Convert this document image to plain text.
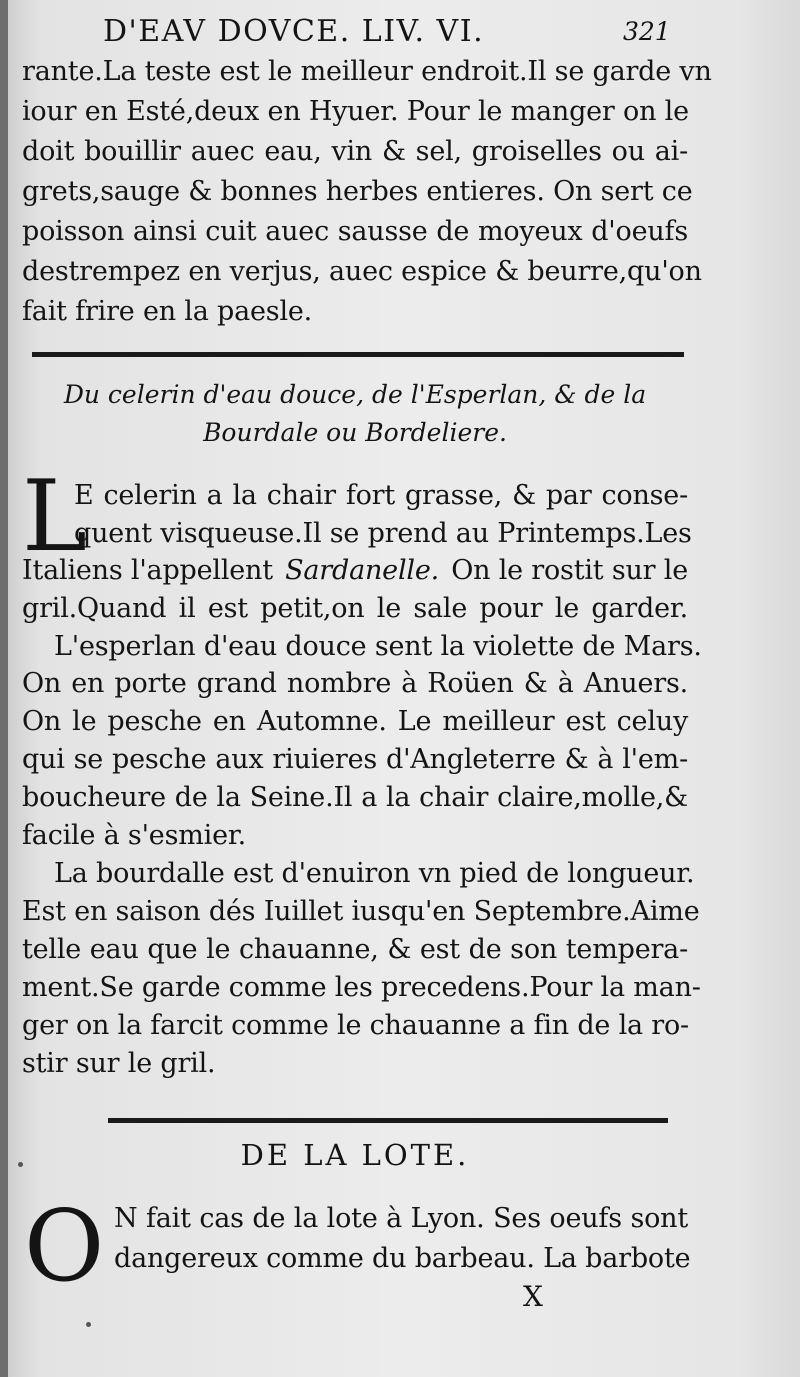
D'EAV DOVCE. LIV. VI.	321
rante.La teste est le meilleur endroit.Il se garde vn
iour en Esté,deux en Hyuer. Pour le manger on le
doit bouillir auec eau, vin & sel, groiselles ou ai-
grets,sauge & bonnes herbes entieres. On sert ce
poisson ainsi cuit auec sausse de moyeux d'oeufs
destrempez en verjus, auec espice & beurre,qu'on
fait frire en la paesle.
Du celerin d'eau douce, de l'Esperlan, & de la
Bourdale ou Bordeliere.
L
E celerin a la chair fort grasse, & par conse-
quent visqueuse.Il se prend au Printemps.Les
Italiens l'appellent Sardanelle. On le rostit sur le
gril.Quand il est petit,on le sale pour le garder.
L'esperlan d'eau douce sent la violette de Mars.
On en porte grand nombre à Roüen & à Anuers.
On le pesche en Automne. Le meilleur est celuy
qui se pesche aux riuieres d'Angleterre & à l'em-
boucheure de la Seine.Il a la chair claire,molle,&
facile à s'esmier.
La bourdalle est d'enuiron vn pied de longueur.
Est en saison dés Iuillet iusqu'en Septembre.Aime
telle eau que le chauanne, & est de son tempera-
ment.Se garde comme les precedens.Pour la man-
ger on la farcit comme le chauanne a fin de la ro-
stir sur le gril.
DE LA LOTE.
O N fait cas de la lote à Lyon. Ses oeufs sont
dangereux comme du barbeau. La barbote
X
